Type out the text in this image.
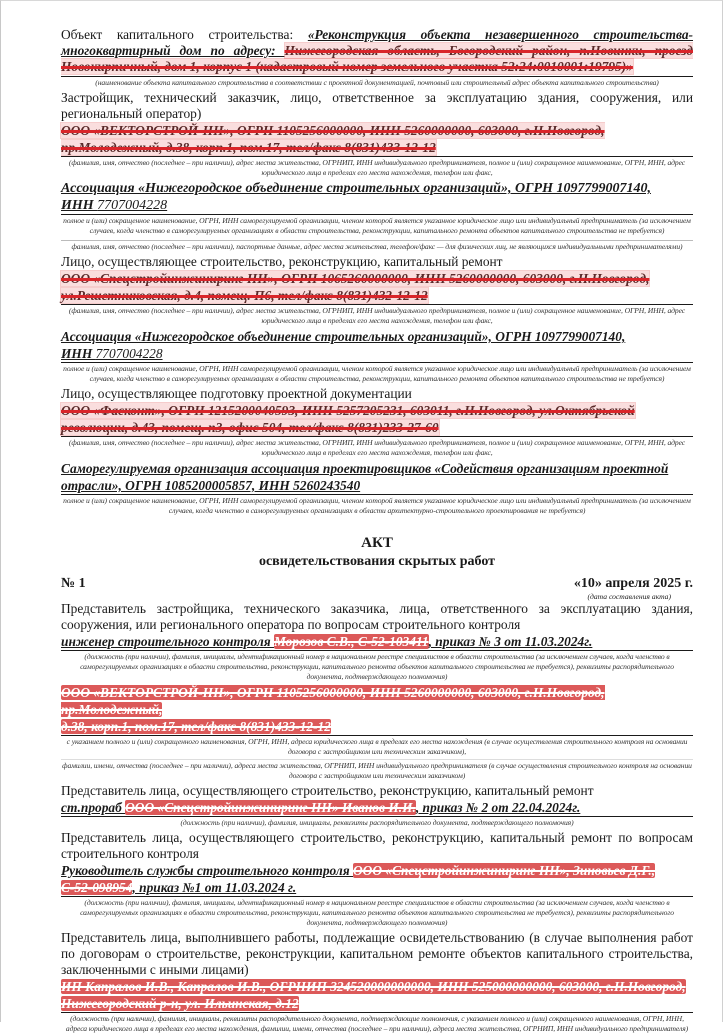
Объект капитального строительства: «Реконструкция объекта незавершенного строительства-многоквартирный дом по адресу: Нижегородская область, Богородский район, п.Новинки, проезд Новокирпичный, дом 1, корпус 1 (кадастровый номер земельного участка 52:24:0010001:19795)»

(наименование объекта капитального строительства в соответствии с проектной документацией, почтовый или строительный адрес объекта капитального строительства)

Застройщик, технический заказчик, лицо, ответственное за эксплуатацию здания, сооружения, или региональный оператор)

ООО «ВЕКТОРСТРОЙ-НН», ОГРН 1105256000000, ИНН 5260000000, 603000, г.Н.Новгород, пр.Молодежный, д.38, корп.1, пом.17, тел/факс 8(831)433-12-12

(фамилия, имя, отчество (последнее – при наличии), адрес места жительства, ОГРНИП, ИНН индивидуального предпринимателя, полное и (или) сокращенное наименование, ОГРН, ИНН, адрес юридического лица в пределах его места нахождения, телефон или факс,

Ассоциация «Нижегородское объединение строительных организаций», ОГРН 1097799007140,
ИНН 7707004228

полное и (или) сокращенное наименование, ОГРН, ИНН саморегулируемой организации, членом которой является указанное юридическое лицо или индивидуальный предприниматель (за исключением случаев, когда членство в саморегулируемых организациях в области строительства, реконструкции, капитального ремонта объектов капитального строительства не требуется)
фамилия, имя, отчество (последнее – при наличии), паспортные данные, адрес места жительства, телефон/факс — для физических лиц, не являющихся индивидуальными предпринимателями)

Лицо, осуществляющее строительство, реконструкцию, капитальный ремонт

ООО «Спецстройинжиниринг НН», ОГРН 1065260000000, ИНН 5260000000, 603000, г.Н.Новгород,
ул.Решетниковская, д.4, помещ. П6, тел/факс 8(831)432-12-12

(фамилия, имя, отчество (последнее – при наличии), адрес места жительства, ОГРНИП, ИНН индивидуального предпринимателя, полное и (или) сокращенное наименование, ОГРН, ИНН, адрес юридического лица в пределах его места нахождения, телефон или факс,

Ассоциация «Нижегородское объединение строительных организаций», ОГРН 1097799007140,
ИНН 7707004228

полное и (или) сокращенное наименование, ОГРН, ИНН саморегулируемой организации, членом которой является указанное юридическое лицо или индивидуальный предприниматель (за исключением случаев, когда членство в саморегулируемых организациях в области строительства, реконструкции, капитального ремонта объектов капитального строительства не требуется)

Лицо, осуществляющее подготовку проектной документации

ООО «Фасконт», ОГРН 1215200040593, ИНН 5257205231, 603011, г.Н.Новгород, ул.Октябрьской
революции, д.43, помещ. п3, офис 504, тел/факс 8(831)233-27-60

(фамилия, имя, отчество (последнее – при наличии), адрес места жительства, ОГРНИП, ИНН индивидуального предпринимателя, полное и (или) сокращенное наименование, ОГРН, ИНН, адрес юридического лица в пределах его места нахождения, телефон или факс,

Саморегулируемая организация ассоциация проектировщиков «Содействия организациям проектной
отрасли», ОГРН 1085200005857, ИНН 5260243540

полное и (или) сокращенное наименование, ОГРН, ИНН саморегулируемой организации, членом которой является указанное юридическое лицо или индивидуальный предприниматель (за исключением случаев, когда членство в саморегулируемых организациях в области архитектурно-строительного проектирования не требуется)
АКТ
освидетельствования скрытых работ
№ 1	«10» апреля 2025 г.
(дата составления акта)

Представитель застройщика, технического заказчика, лица, ответственного за эксплуатацию здания, сооружения, или регионального оператора по вопросам строительного контроля

инженер строительного контроля Морозов С.В., С-52-103411, приказ № 3 от 11.03.2024г.

(должность (при наличии), фамилия, инициалы, идентификационный номер в национальном реестре специалистов в области строительства (за исключением случаев, когда членство в саморегулируемых организациях в области строительства, реконструкции, капитального ремонта объектов капитального строительства не требуется), реквизиты распорядительного документа, подтверждающего полномочия)

ООО «ВЕКТОРСТРОЙ-НН», ОГРН 1105256000000, ИНН 5260000000, 603000, г.Н.Новгород, пр.Молодежный,
д.38, корп.1, пом.17, тел/факс 8(831)433-12-12

с указанием полного и (или) сокращенного наименования, ОГРН, ИНН, адреса юридического лица в пределах его места нахождения (в случае осуществления строительного контроля на основании договора с застройщиком или техническим заказчиком),
фамилии, имени, отчества (последнее – при наличии), адреса места жительства, ОГРНИП, ИНН индивидуального предпринимателя (в случае осуществления строительного контроля на основании договора с застройщиком или техническим заказчиком)

Представитель лица, осуществляющего строительство, реконструкцию, капитальный ремонт

ст.прораб ООО «Спецстройинжиниринг НН» Иванов И.И., приказ № 2 от 22.04.2024г.

(должность (при наличии), фамилия, инициалы, реквизиты распорядительного документа, подтверждающего полномочия)

Представитель лица, осуществляющего строительство, реконструкцию, капитальный ремонт по вопросам строительного контроля

Руководитель службы строительного контроля ООО «Спецстройинжиниринг НН», Зиновьев Д.Г.,
С-52-098954, приказ №1 от 11.03.2024 г.

(должность (при наличии), фамилия, инициалы, идентификационный номер в национальном реестре специалистов в области строительства (за исключением случаев, когда членство в саморегулируемых организациях в области строительства, реконструкции, капитального ремонта объектов капитального строительства не требуется), реквизиты распорядительного документа, подтверждающего полномочия)

Представитель лица, выполнившего работы, подлежащие освидетельствованию (в случае выполнения работ по договорам о строительстве, реконструкции, капитальном ремонте объектов капитального строительства, заключенными с иными лицами)

ИП Капралов И.В., Капралов И.В., ОГРНИП 324520000000000, ИНН 525000000000, 603000, г.Н.Новгород,
Нижегородский р-н, ул. Ильинская, д.12

(должность (при наличии), фамилия, инициалы, реквизиты распорядительного документа, подтверждающие полномочия, с указанием полного и (или) сокращенного наименования, ОГРН, ИНН, адреса юридического лица в пределах его места нахождения, фамилии, имени, отчества (последнее – при наличии), адреса места жительства, ОГРНИП, ИНН индивидуального предпринимателя)
